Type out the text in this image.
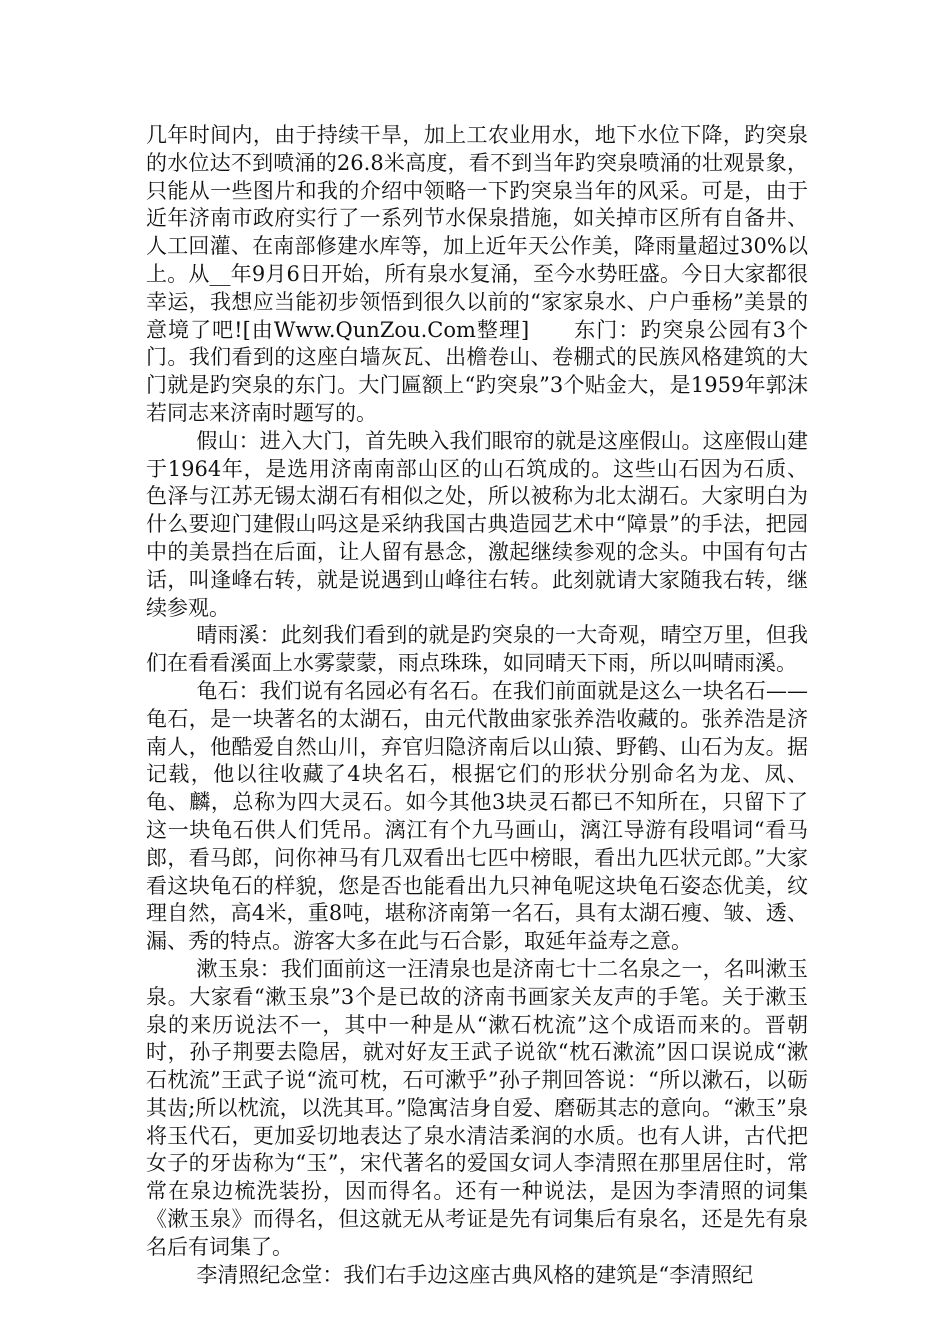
几年时间内，由于持续干旱，加上工农业用水，地下水位下降，趵突泉的水位达不到喷涌的26.8米高度，看不到当年趵突泉喷涌的壮观景象，只能从一些图片和我的介绍中领略一下趵突泉当年的风采。可是，由于近年济南市政府实行了一系列节水保泉措施，如关掉市区所有自备井、人工回灌、在南部修建水库等，加上近年天公作美，降雨量超过30%以上。从__年9月6日开始，所有泉水复涌，至今水势旺盛。今日大家都很幸运，我想应当能初步领悟到很久以前的“家家泉水、户户垂杨”美景的意境了吧![由Www.QunZou.Com整理]　　东门：趵突泉公园有3个门。我们看到的这座白墙灰瓦、出檐卷山、卷棚式的民族风格建筑的大门就是趵突泉的东门。大门匾额上“趵突泉”3个贴金大，是1959年郭沫若同志来济南时题写的。

假山：进入大门，首先映入我们眼帘的就是这座假山。这座假山建于1964年，是选用济南南部山区的山石筑成的。这些山石因为石质、色泽与江苏无锡太湖石有相似之处，所以被称为北太湖石。大家明白为什么要迎门建假山吗这是采纳我国古典造园艺术中“障景”的手法，把园中的美景挡在后面，让人留有悬念，激起继续参观的念头。中国有句古话，叫逢峰右转，就是说遇到山峰往右转。此刻就请大家随我右转，继续参观。

晴雨溪：此刻我们看到的就是趵突泉的一大奇观，晴空万里，但我们在看看溪面上水雾蒙蒙，雨点珠珠，如同晴天下雨，所以叫晴雨溪。

龟石：我们说有名园必有名石。在我们前面就是这么一块名石——龟石，是一块著名的太湖石，由元代散曲家张养浩收藏的。张养浩是济南人，他酷爱自然山川，弃官归隐济南后以山猿、野鹤、山石为友。据记载，他以往收藏了4块名石，根据它们的形状分别命名为龙、凤、龟、麟，总称为四大灵石。如今其他3块灵石都已不知所在，只留下了这一块龟石供人们凭吊。漓江有个九马画山，漓江导游有段唱词“看马郎，看马郎，问你神马有几双看出七匹中榜眼，看出九匹状元郎。”大家看这块龟石的样貌，您是否也能看出九只神龟呢这块龟石姿态优美，纹理自然，高4米，重8吨，堪称济南第一名石，具有太湖石瘦、皱、透、漏、秀的特点。游客大多在此与石合影，取延年益寿之意。

漱玉泉：我们面前这一汪清泉也是济南七十二名泉之一，名叫漱玉泉。大家看“漱玉泉”3个是已故的济南书画家关友声的手笔。关于漱玉泉的来历说法不一，其中一种是从“漱石枕流”这个成语而来的。晋朝时，孙子荆要去隐居，就对好友王武子说欲“枕石漱流”因口误说成“漱石枕流”王武子说“流可枕，石可漱乎”孙子荆回答说：“所以漱石，以砺其齿;所以枕流，以洗其耳。”隐寓洁身自爱、磨砺其志的意向。“漱玉”泉将玉代石，更加妥切地表达了泉水清洁柔润的水质。也有人讲，古代把女子的牙齿称为“玉”，宋代著名的爱国女词人李清照在那里居住时，常常在泉边梳洗装扮，因而得名。还有一种说法，是因为李清照的词集《漱玉泉》而得名，但这就无从考证是先有词集后有泉名，还是先有泉名后有词集了。

李清照纪念堂：我们右手边这座古典风格的建筑是“李清照纪
